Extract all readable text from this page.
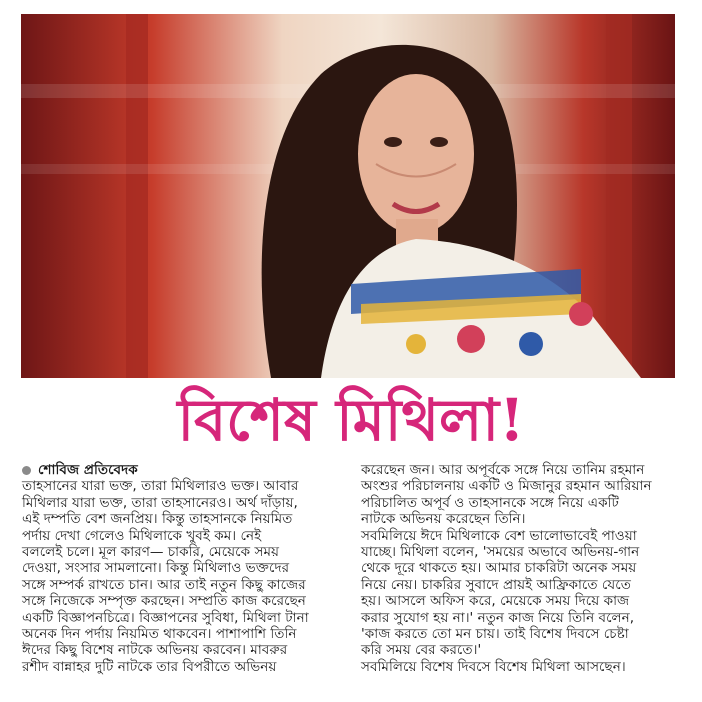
বিশেষ মিথিলা!
শোবিজ প্রতিবেদক
তাহসানের যারা ভক্ত, তারা মিথিলারও ভক্ত। আবার
মিথিলার যারা ভক্ত, তারা তাহসানেরও। অর্থ দাঁড়ায়,
এই দম্পতি বেশ জনপ্রিয়। কিন্তু তাহসানকে নিয়মিত
পর্দায় দেখা গেলেও মিথিলাকে খুবই কম। নেই
বললেই চলে। মূল কারণ— চাকরি, মেয়েকে সময়
দেওয়া, সংসার সামলানো। কিন্তু মিথিলাও ভক্তদের
সঙ্গে সম্পর্ক রাখতে চান। আর তাই নতুন কিছু কাজের
সঙ্গে নিজেকে সম্পৃক্ত করছেন। সম্প্রতি কাজ করেছেন
একটি বিজ্ঞাপনচিত্রে। বিজ্ঞাপনের সুবিধা, মিথিলা টানা
অনেক দিন পর্দায় নিয়মিত থাকবেন। পাশাপাশি তিনি
ঈদের কিছু বিশেষ নাটকে অভিনয় করবেন। মাবরুর
রশীদ বান্নাহর দুটি নাটকে তার বিপরীতে অভিনয়
করেছেন জন। আর অপূর্বকে সঙ্গে নিয়ে তানিম রহমান
অংশুর পরিচালনায় একটি ও মিজানুর রহমান আরিয়ান
পরিচালিত অপূর্ব ও তাহসানকে সঙ্গে নিয়ে একটি
নাটকে অভিনয় করেছেন তিনি।
সবমিলিয়ে ঈদে মিথিলাকে বেশ ভালোভাবেই পাওয়া
যাচ্ছে। মিথিলা বলেন, 'সময়ের অভাবে অভিনয়-গান
থেকে দূরে থাকতে হয়। আমার চাকরিটা অনেক সময়
নিয়ে নেয়। চাকরির সুবাদে প্রায়ই আফ্রিকাতে যেতে
হয়। আসলে অফিস করে, মেয়েকে সময় দিয়ে কাজ
করার সুযোগ হয় না।' নতুন কাজ নিয়ে তিনি বলেন,
'কাজ করতে তো মন চায়। তাই বিশেষ দিবসে চেষ্টা
করি সময় বের করতে।'
সবমিলিয়ে বিশেষ দিবসে বিশেষ মিথিলা আসছেন।
